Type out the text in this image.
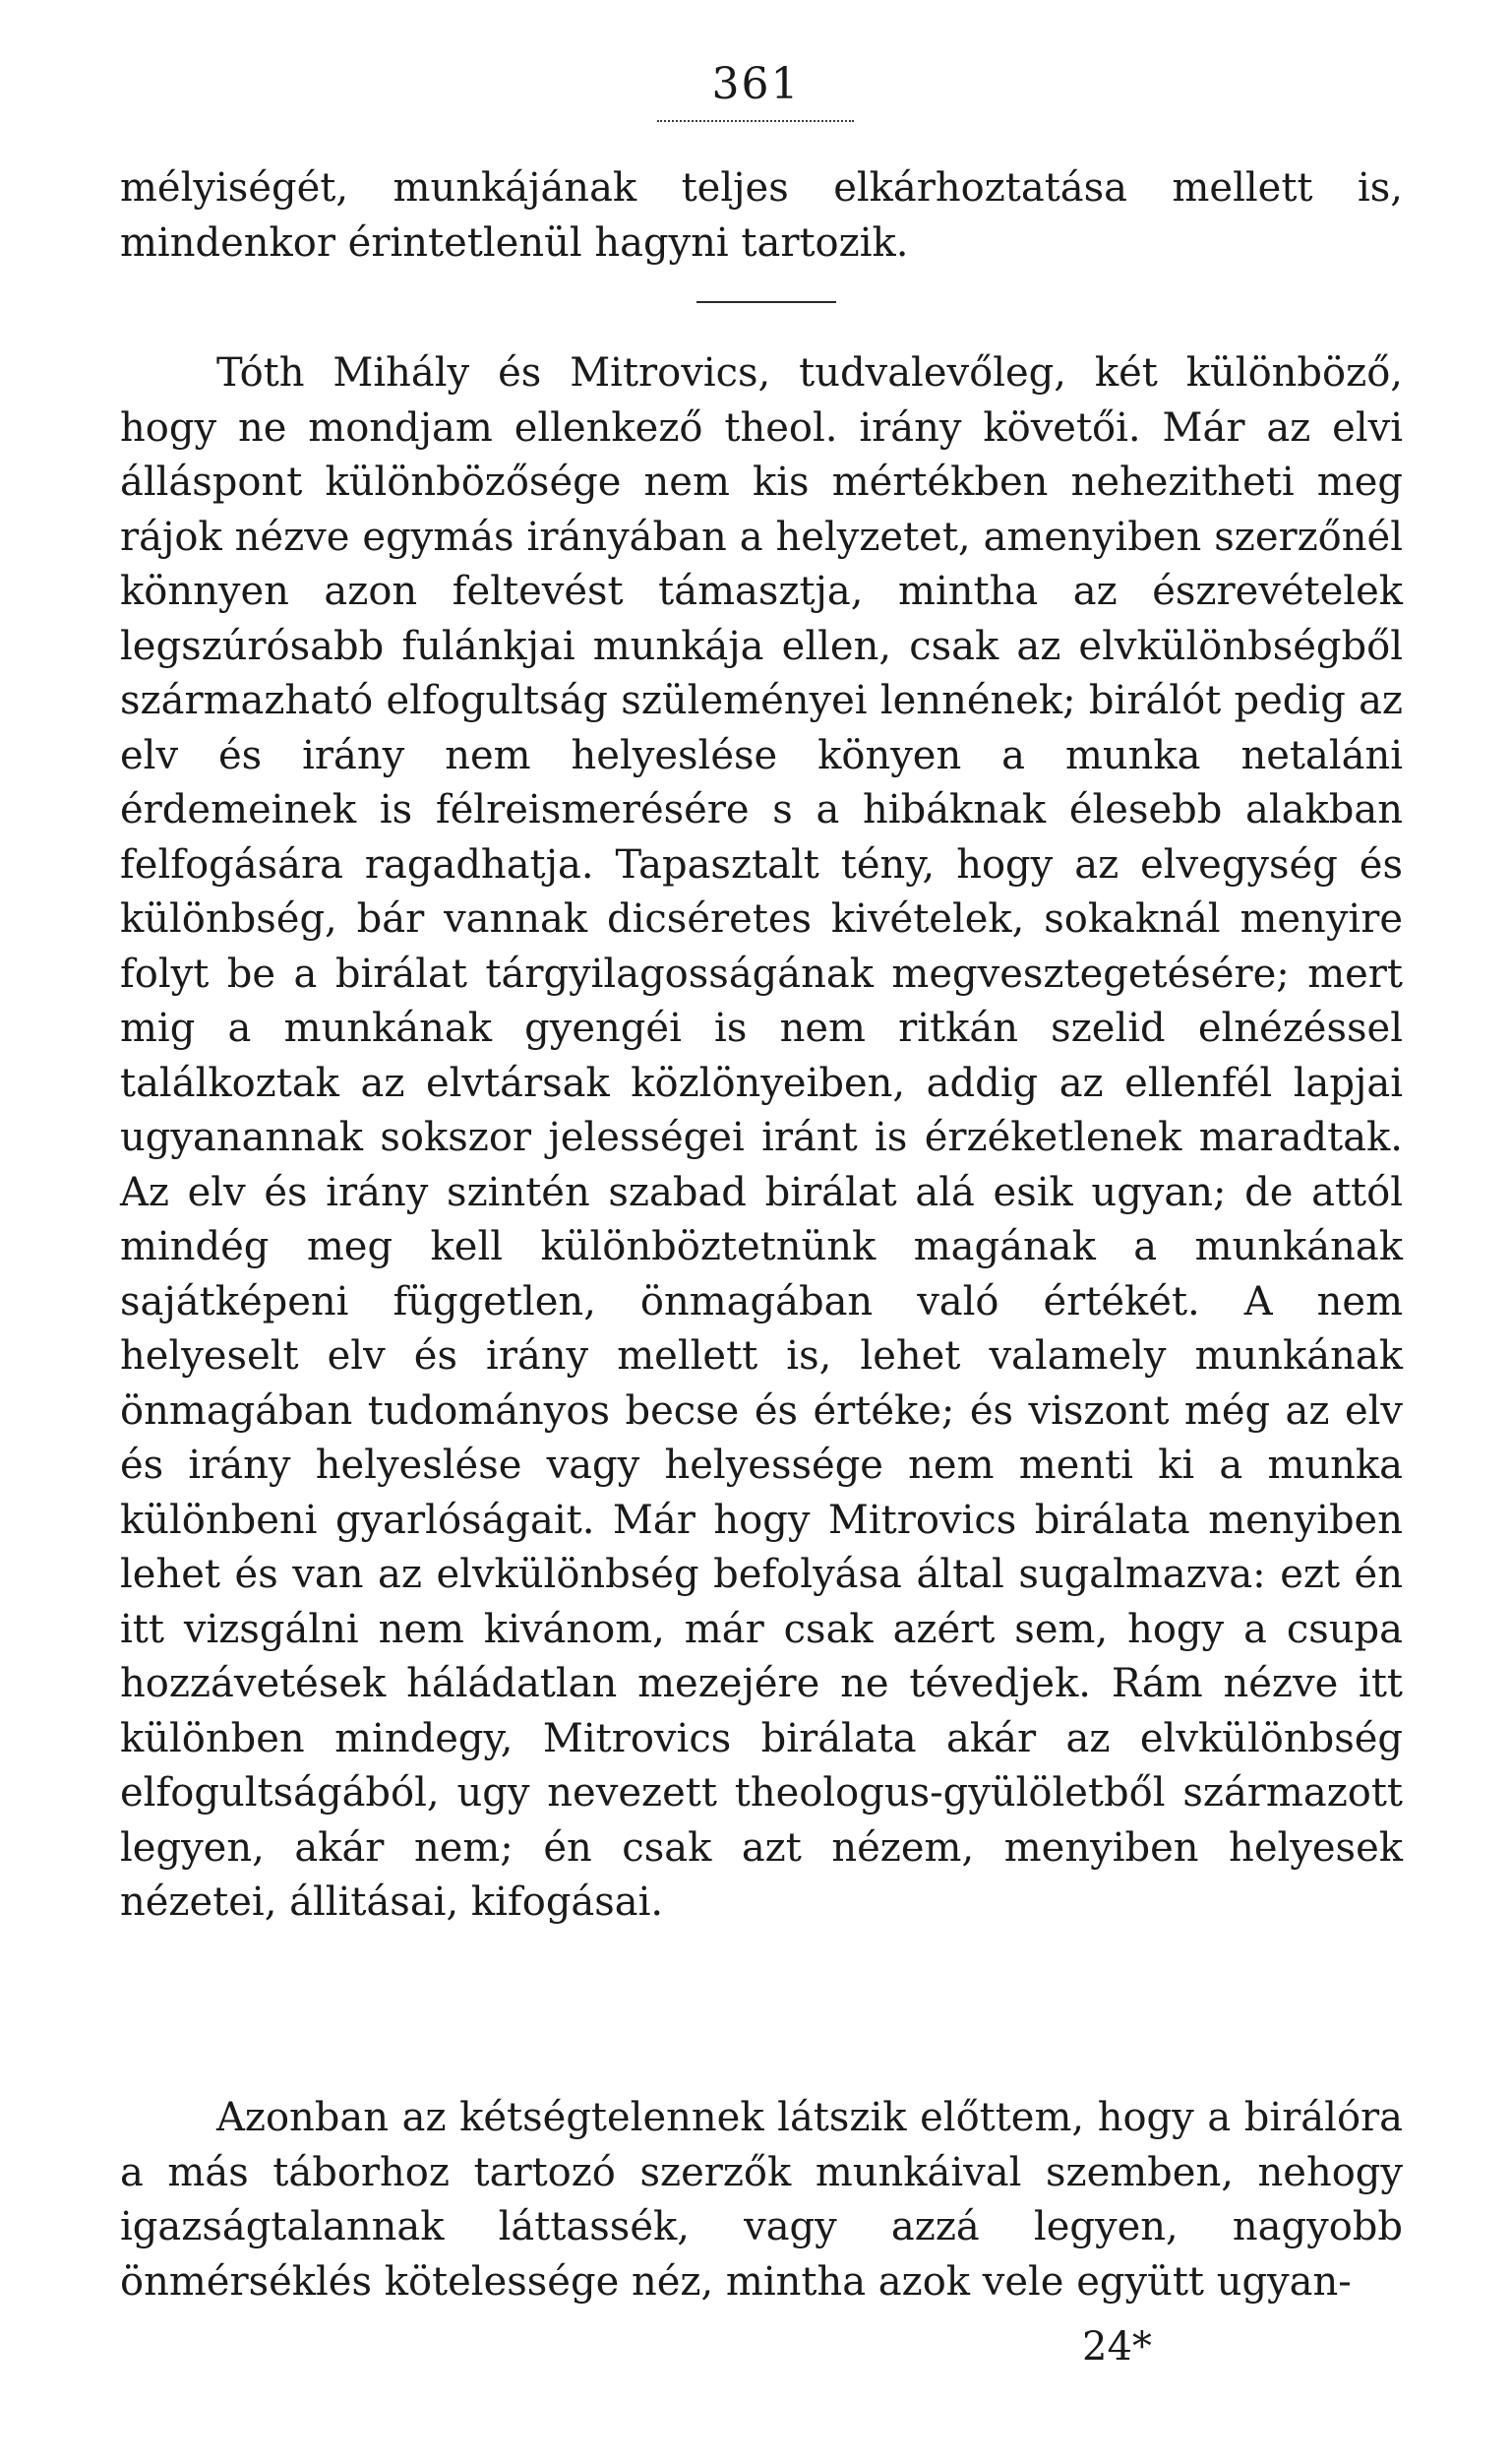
361

mélyiségét, munkájának teljes elkárhoztatása mellett is, mindenkor érintetlenül hagyni tartozik.

Tóth Mihály és Mitrovics, tudvalevőleg, két különböző, hogy ne mondjam ellenkező theol. irány követői. Már az elvi álláspont különbözősége nem kis mértékben nehezitheti meg rájok nézve egymás irányában a helyzetet, amenyiben szerzőnél könnyen azon feltevést támasztja, mintha az észrevételek legszúrósabb fulánkjai munkája ellen, csak az elvkülönbségből származható elfogultság szüleményei lennének; birálót pedig az elv és irány nem helyeslése könyen a munka netaláni érdemeinek is félreismerésére s a hibáknak élesebb alakban felfogására ragadhatja. Tapasztalt tény, hogy az elvegység és különbség, bár vannak dicséretes kivételek, sokaknál menyire folyt be a birálat tárgyilagosságának megvesztegetésére; mert mig a munkának gyengéi is nem ritkán szelid elnézéssel találkoztak az elvtársak közlönyeiben, addig az ellenfél lapjai ugyanannak sokszor jelességei iránt is érzéketlenek maradtak. Az elv és irány szintén szabad birálat alá esik ugyan; de attól mindég meg kell különböztetnünk magának a munkának sajátképeni független, önmagában való értékét. A nem helyeselt elv és irány mellett is, lehet valamely munkának önmagában tudományos becse és értéke; és viszont még az elv és irány helyeslése vagy helyessége nem menti ki a munka különbeni gyarlóságait. Már hogy Mitrovics birálata menyiben lehet és van az elvkülönbség befolyása által sugalmazva: ezt én itt vizsgálni nem kivánom, már csak azért sem, hogy a csupa hozzávetések háládatlan mezejére ne tévedjek. Rám nézve itt különben mindegy, Mitrovics birálata akár az elvkülönbség elfogultságából, ugy nevezett theologus-gyülöletből származott legyen, akár nem; én csak azt nézem, menyiben helyesek nézetei, állitásai, kifogásai.

Azonban az kétségtelennek látszik előttem, hogy a birálóra a más táborhoz tartozó szerzők munkáival szemben, nehogy igazságtalannak láttassék, vagy azzá legyen, nagyobb önmérséklés kötelessége néz, mintha azok vele együtt ugyan-

24*
